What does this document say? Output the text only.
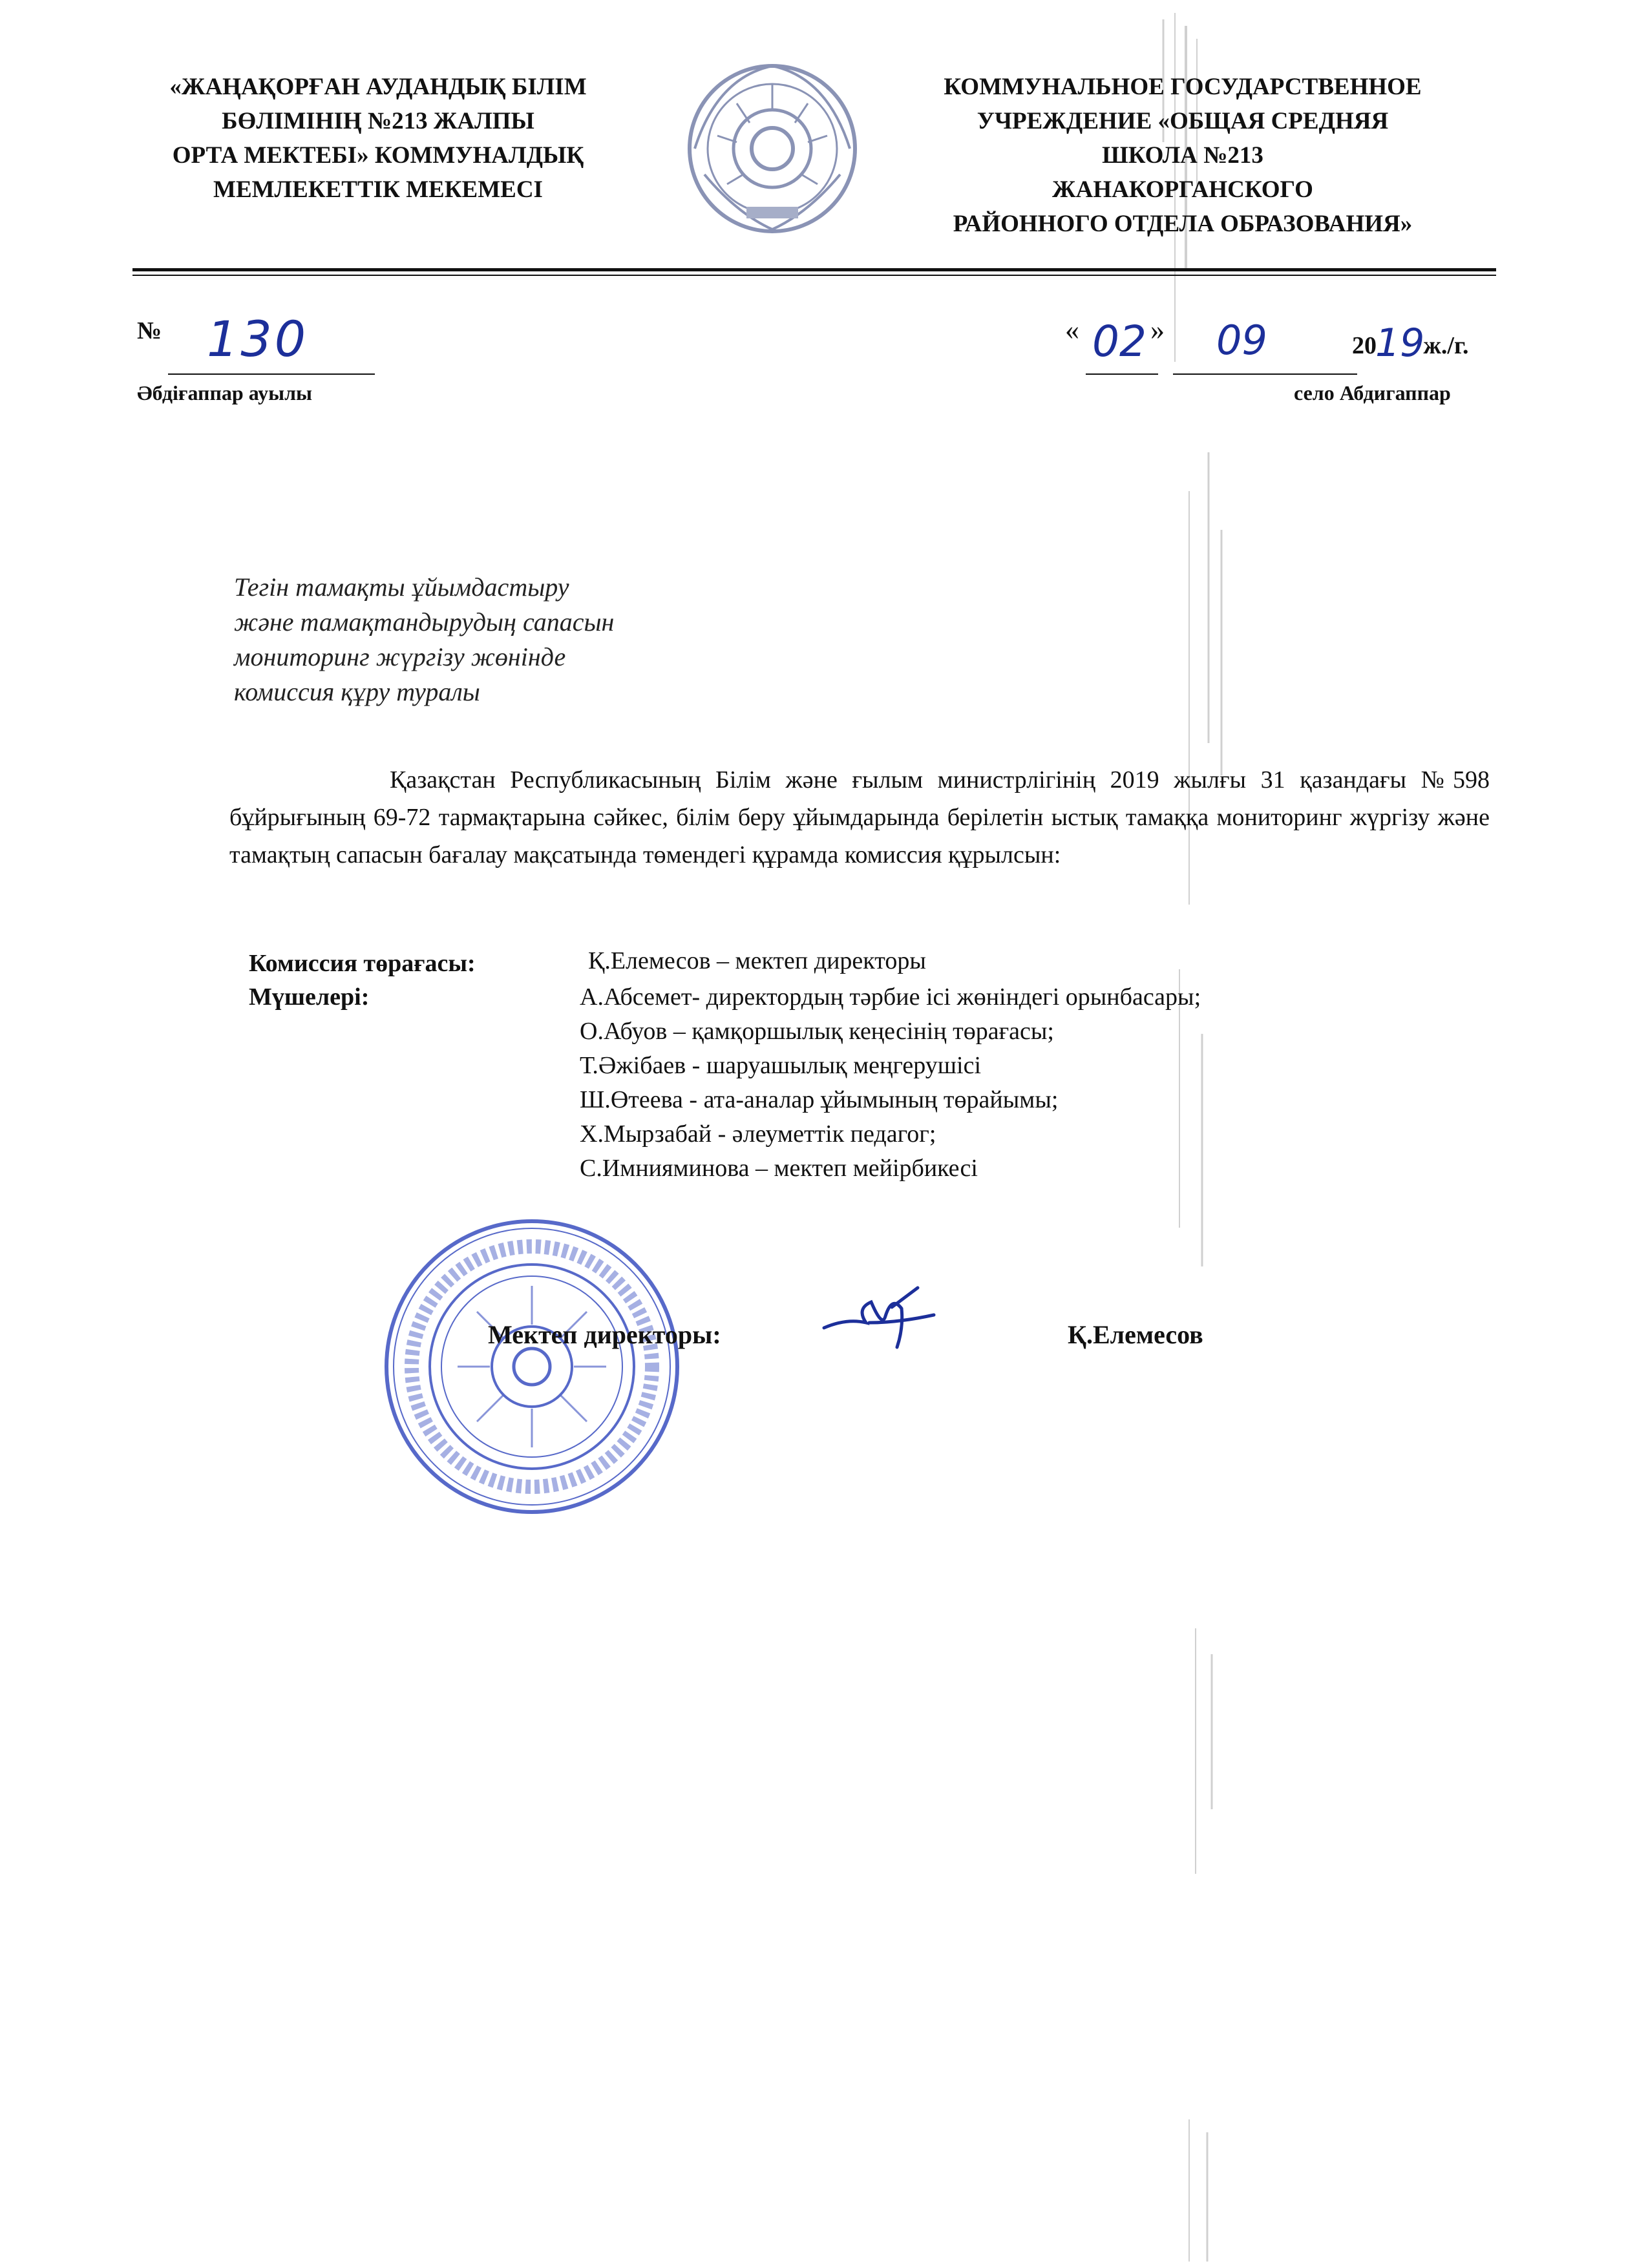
«ЖАҢАҚОРҒАН АУДАНДЫҚ БІЛІМ
БӨЛІМІНІҢ №213 ЖАЛПЫ
ОРТА МЕКТЕБІ» КОММУНАЛДЫҚ
МЕМЛЕКЕТТІК МЕКЕМЕСІ
КОММУНАЛЬНОЕ ГОСУДАРСТВЕННОЕ
УЧРЕЖДЕНИЕ «ОБЩАЯ СРЕДНЯЯ
ШКОЛА №213
ЖАНАКОРГАНСКОГО
РАЙОННОГО ОТДЕЛА ОБРАЗОВАНИЯ»
№ 130	« 02 » 09	2019ж./г.
Әбдіғаппар ауылы	село Абдигаппар
Тегін тамақты ұйымдастыру
және тамақтандырудың сапасын
мониторинг жүргізу жөнінде
комиссия құру туралы
Қазақстан Республикасының Білім және ғылым министрлігінің 2019 жылғы 31 қазандағы №598 бұйрығының 69-72 тармақтарына сәйкес, білім беру ұйымдарында берілетін ыстық тамаққа мониторинг жүргізу және тамақтың сапасын бағалау мақсатында төмендегі құрамда комиссия құрылсын:
Комиссия төрағасы:	Қ.Елемесов – мектеп директоры
Мүшелері:	А.Абсемет- директордың тәрбие ісі жөніндегі орынбасары;
О.Абуов – қамқоршылық кеңесінің төрағасы;
Т.Әжібаев - шаруашылық меңгерушісі
Ш.Өтеева - ата-аналар ұйымының төрайымы;
Х.Мырзабай - әлеуметтік педагог;
С.Имнияминова – мектеп мейірбикесі
Мектеп директоры:	Қ.Елемесов
